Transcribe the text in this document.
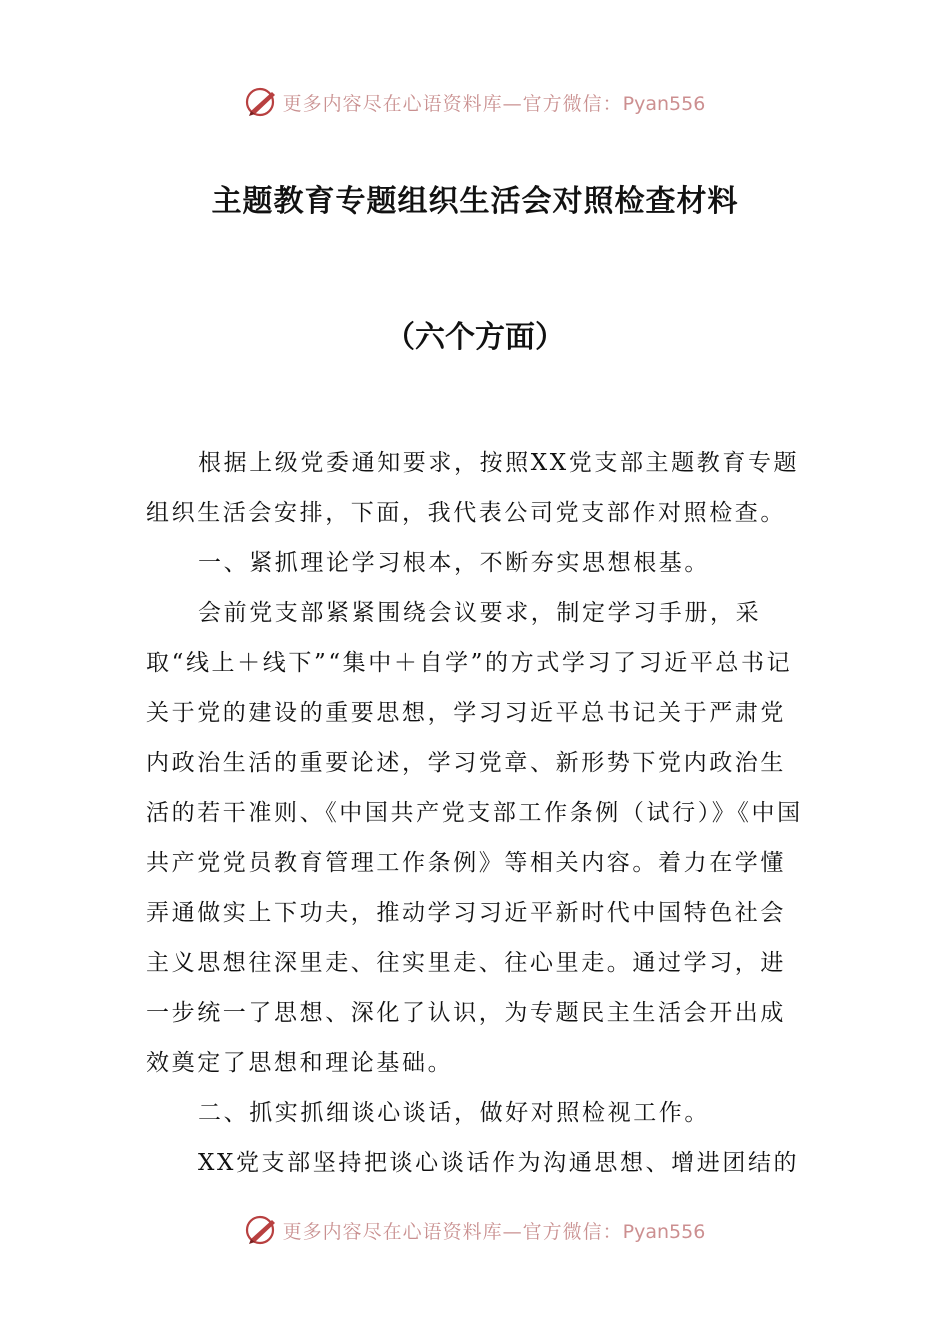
更多内容尽在心语资料库—官方微信：Pyan556
主题教育专题组织生活会对照检查材料
（六个方面）

根据上级党委通知要求，按照XX党支部主题教育专题组织生活会安排，下面，我代表公司党支部作对照检查。

一、紧抓理论学习根本，不断夯实思想根基。

会前党支部紧紧围绕会议要求，制定学习手册，采取“线上＋线下”“集中＋自学”的方式学习了习近平总书记关于党的建设的重要思想，学习习近平总书记关于严肃党内政治生活的重要论述，学习党章、新形势下党内政治生活的若干准则、《中国共产党支部工作条例（试行）》《中国共产党党员教育管理工作条例》等相关内容。着力在学懂弄通做实上下功夫，推动学习习近平新时代中国特色社会主义思想往深里走、往实里走、往心里走。通过学习，进一步统一了思想、深化了认识，为专题民主生活会开出成效奠定了思想和理论基础。

二、抓实抓细谈心谈话，做好对照检视工作。

XX党支部坚持把谈心谈话作为沟通思想、增进团结的

更多内容尽在心语资料库—官方微信：Pyan556
